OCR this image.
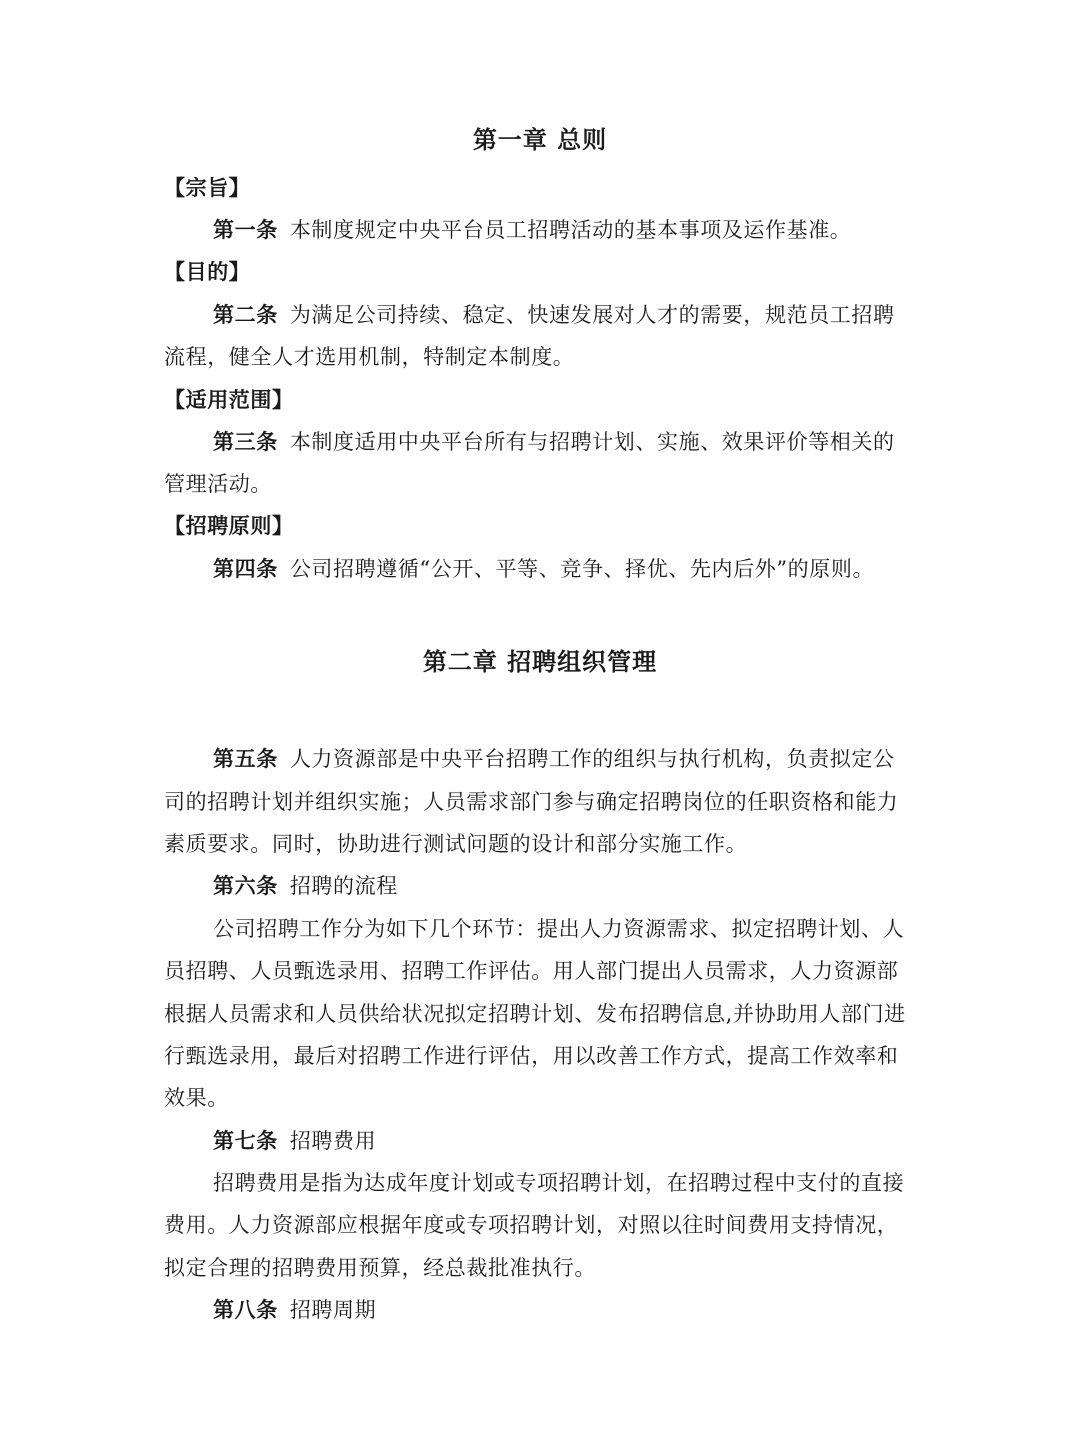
第一章 总则
【宗旨】
第一条 本制度规定中央平台员工招聘活动的基本事项及运作基准。
【目的】
第二条 为满足公司持续、稳定、快速发展对人才的需要，规范员工招聘
流程，健全人才选用机制，特制定本制度。
【适用范围】
第三条 本制度适用中央平台所有与招聘计划、实施、效果评价等相关的
管理活动。
【招聘原则】
第四条 公司招聘遵循“公开、平等、竞争、择优、先内后外”的原则。
第二章 招聘组织管理
第五条 人力资源部是中央平台招聘工作的组织与执行机构，负责拟定公
司的招聘计划并组织实施；人员需求部门参与确定招聘岗位的任职资格和能力
素质要求。同时，协助进行测试问题的设计和部分实施工作。
第六条 招聘的流程
公司招聘工作分为如下几个环节：提出人力资源需求、拟定招聘计划、人
员招聘、人员甄选录用、招聘工作评估。用人部门提出人员需求，人力资源部
根据人员需求和人员供给状况拟定招聘计划、发布招聘信息,并协助用人部门进
行甄选录用，最后对招聘工作进行评估，用以改善工作方式，提高工作效率和
效果。
第七条 招聘费用
招聘费用是指为达成年度计划或专项招聘计划，在招聘过程中支付的直接
费用。人力资源部应根据年度或专项招聘计划，对照以往时间费用支持情况，
拟定合理的招聘费用预算，经总裁批准执行。
第八条 招聘周期
